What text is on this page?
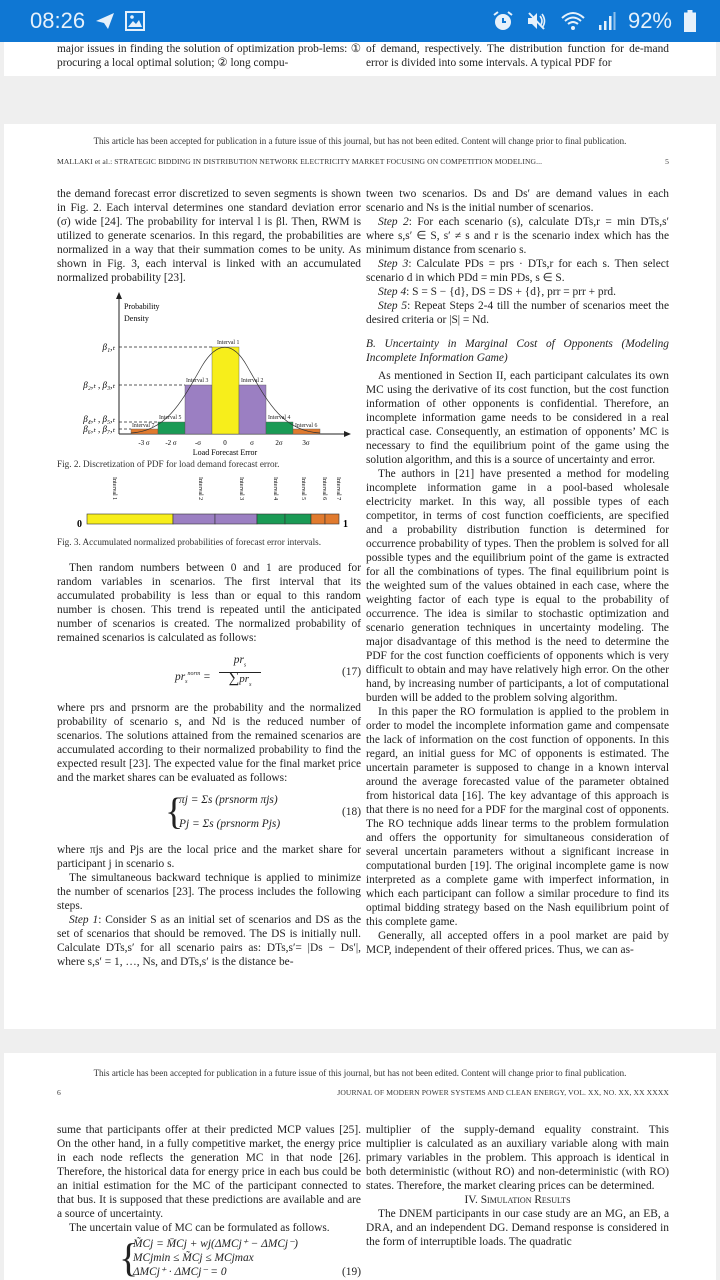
08:26	92%
major issues in finding the solution of optimization prob-lems: ① procuring a local optimal solution; ② long compu-
of demand, respectively. The distribution function for de-mand error is divided into some intervals. A typical PDF for
This article has been accepted for publication in a future issue of this journal, but has not been edited. Content will change prior to final publication.
MALLAKI et al.: STRATEGIC BIDDING IN DISTRIBUTION NETWORK ELECTRICITY MARKET FOCUSING ON COMPETITION MODELING...	5

the demand forecast error discretized to seven segments is shown in Fig. 2. Each interval determines one standard deviation error (σ) wide [24]. The probability for interval l is βl. Then, RWM is utilized to generate scenarios. In this regard, the probabilities are normalized in a way that their summation comes to be unity. As shown in Fig. 3, each interval is linked with an accumulated normalized probability [23].

Probability
Density
β₁,ₜ
β₂,ₜ , β₃,ₜ
β₄,ₜ , β₅,ₜ
β₆,ₜ , β₇,ₜ
Interval 1
Interval 2
Interval 3
Interval 4
Interval 5
Interval 6
Interval 7
-3 σ -2 σ	-σ	0	σ	2σ	3σ
Load Forecast Error
Fig. 2. Discretization of PDF for load demand forecast error.
Interval 1	Interval 2	Interval 3	Interval 4	Interval 5	Interval 6 Interval 7
0	1
Fig. 3. Accumulated normalized probabilities of forecast error intervals.

Then random numbers between 0 and 1 are produced for random variables in scenarios. The first interval that its accumulated probability is less than or equal to this random number is chosen. This trend is repeated until the anticipated number of scenarios is created. The normalized probability of remained scenarios is calculated as follows:

$pr_s^{norm}$ =
$pr_s$
$\sum pr_s$
(17)

where prs and prsnorm are the probability and the normalized probability of scenario s, and Nd is the reduced number of scenarios. The solutions attained from the remained scenarios are accumulated according to their normalized probability to find the expected result [23]. The expected value for the final market price and the market shares can be evaluated as follows:

{
πj = Σs (prsnorm πjs)
Pj = Σs (prsnorm Pjs)
(18)

where πjs and Pjs are the local price and the market share for participant j in scenario s.

The simultaneous backward technique is applied to minimize the number of scenarios [23]. The process includes the following steps.

Step 1: Consider S as an initial set of scenarios and DS as the set of scenarios that should be removed. The DS is initially null. Calculate DTs,s′ for all scenario pairs as: DTs,s′= |Ds − Ds′|, where s,s′ = 1, …, Ns, and DTs,s′ is the distance be-

tween two scenarios. Ds and Ds′ are demand values in each scenario and Ns is the initial number of scenarios.

Step 2: For each scenario (s), calculate DTs,r = min DTs,s′ where s,s′ ∈ S, s′ ≠ s and r is the scenario index which has the minimum distance from scenario s.

Step 3: Calculate PDs = prs · DTs,r for each s. Then select scenario d in which PDd = min PDs, s ∈ S.

Step 4: S = S − {d}, DS = DS + {d}, prr = prr + prd.

Step 5: Repeat Steps 2-4 till the number of scenarios meet the desired criteria or |S| = Nd.

B. Uncertainty in Marginal Cost of Opponents (Modeling Incomplete Information Game)

As mentioned in Section II, each participant calculates its own MC using the derivative of its cost function, but the cost function information of other opponents is confidential. Therefore, an incomplete information game needs to be considered in a real practical case. Consequently, an estimation of opponents’ MC is necessary to find the equilibrium point of the game using the solution algorithm, and this is a source of uncertainty and error.

The authors in [21] have presented a method for modeling incomplete information game in a pool-based wholesale electricity market. In this way, all possible types of each competitor, in terms of cost function coefficients, are specified and a probability distribution function is determined for occurrence probability of types. Then the problem is solved for all possible types and the equilibrium point of the game is extracted for all the combinations of types. The final equilibrium point is the weighted sum of the values obtained in each case, where the weighting factor of each type is equal to the probability of occurrence. The idea is similar to stochastic optimization and scenario generation techniques in uncertainty modeling. The major disadvantage of this method is the need to determine the PDF for the cost function coefficients of opponents which is very difficult to obtain and may have relatively high error. On the other hand, by increasing number of participants, a lot of computational burden will be added to the problem solving algorithm.

In this paper the RO formulation is applied to the problem in order to model the incomplete information game and compensate the lack of information on the cost function of opponents. In this regard, an initial guess for MC of opponents is estimated. The uncertain parameter is supposed to change in a known interval around the average forecasted value of the parameter obtained from historical data [16]. The key advantage of this approach is that there is no need for a PDF for the marginal cost of opponents. The RO technique adds linear terms to the problem formulation and offers the opportunity for simultaneous consideration of several uncertain parameters without a significant increase in computational burden [19]. The original incomplete game is now interpreted as a complete game with imperfect information, in which each participant can follow a similar procedure to find its optimal bidding strategy based on the Nash equilibrium point of this complete game.

Generally, all accepted offers in a pool market are paid by MCP, independent of their offered prices. Thus, we can as-

This article has been accepted for publication in a future issue of this journal, but has not been edited. Content will change prior to final publication.
6	JOURNAL OF MODERN POWER SYSTEMS AND CLEAN ENERGY, VOL. XX, NO. XX, XX XXXX

sume that participants offer at their predicted MCP values [25]. On the other hand, in a fully competitive market, the energy price in each node reflects the generation MC in that node [26]. Therefore, the historical data for energy price in each bus could be an initial estimation for the MC of the participant connected to that bus. It is supposed that these predictions are available and are a source of uncertainty.

The uncertain value of MC can be formulated as follows.

{
M̃Cj = M̄Cj + wj(ΔMCj⁺ − ΔMCj⁻)
MCjmin ≤ M̃Cj ≤ MCjmax
ΔMCj⁺ · ΔMCj⁻ = 0	(19)

multiplier of the supply-demand equality constraint. This multiplier is calculated as an auxiliary variable along with main primary variables in the problem. This approach is identical in both deterministic (without RO) and non-deterministic (with RO) states. Therefore, the market clearing prices can be determined.

IV. Simulation Results

The DNEM participants in our case study are an MG, an EB, a DRA, and an independent DG. Demand response is considered in the form of interruptible loads. The quadratic
